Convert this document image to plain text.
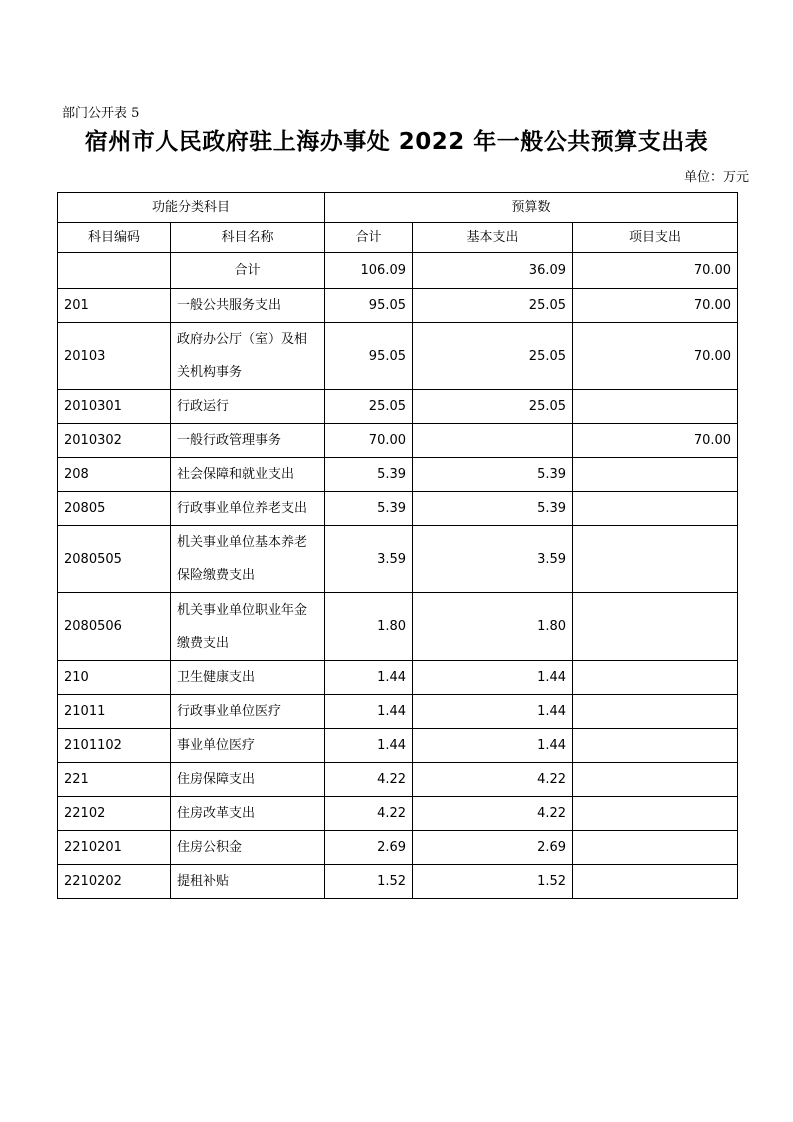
部门公开表 5
宿州市人民政府驻上海办事处 2022 年一般公共预算支出表
单位：万元
功能分类科目		预算数		
科目编码	科目名称	合计	基本支出	项目支出
	合计	106.09	36.09	70.00
201	一般公共服务支出	95.05	25.05	70.00
20103	政府办公厅（室）及相关机构事务	95.05	25.05	70.00
2010301	行政运行	25.05	25.05	
2010302	一般行政管理事务	70.00		70.00
208	社会保障和就业支出	5.39	5.39	
20805	行政事业单位养老支出	5.39	5.39	
2080505	机关事业单位基本养老保险缴费支出	3.59	3.59	
2080506	机关事业单位职业年金缴费支出	1.80	1.80	
210	卫生健康支出	1.44	1.44	
21011	行政事业单位医疗	1.44	1.44	
2101102	事业单位医疗	1.44	1.44	
221	住房保障支出	4.22	4.22	
22102	住房改革支出	4.22	4.22	
2210201	住房公积金	2.69	2.69	
2210202	提租补贴	1.52	1.52	
